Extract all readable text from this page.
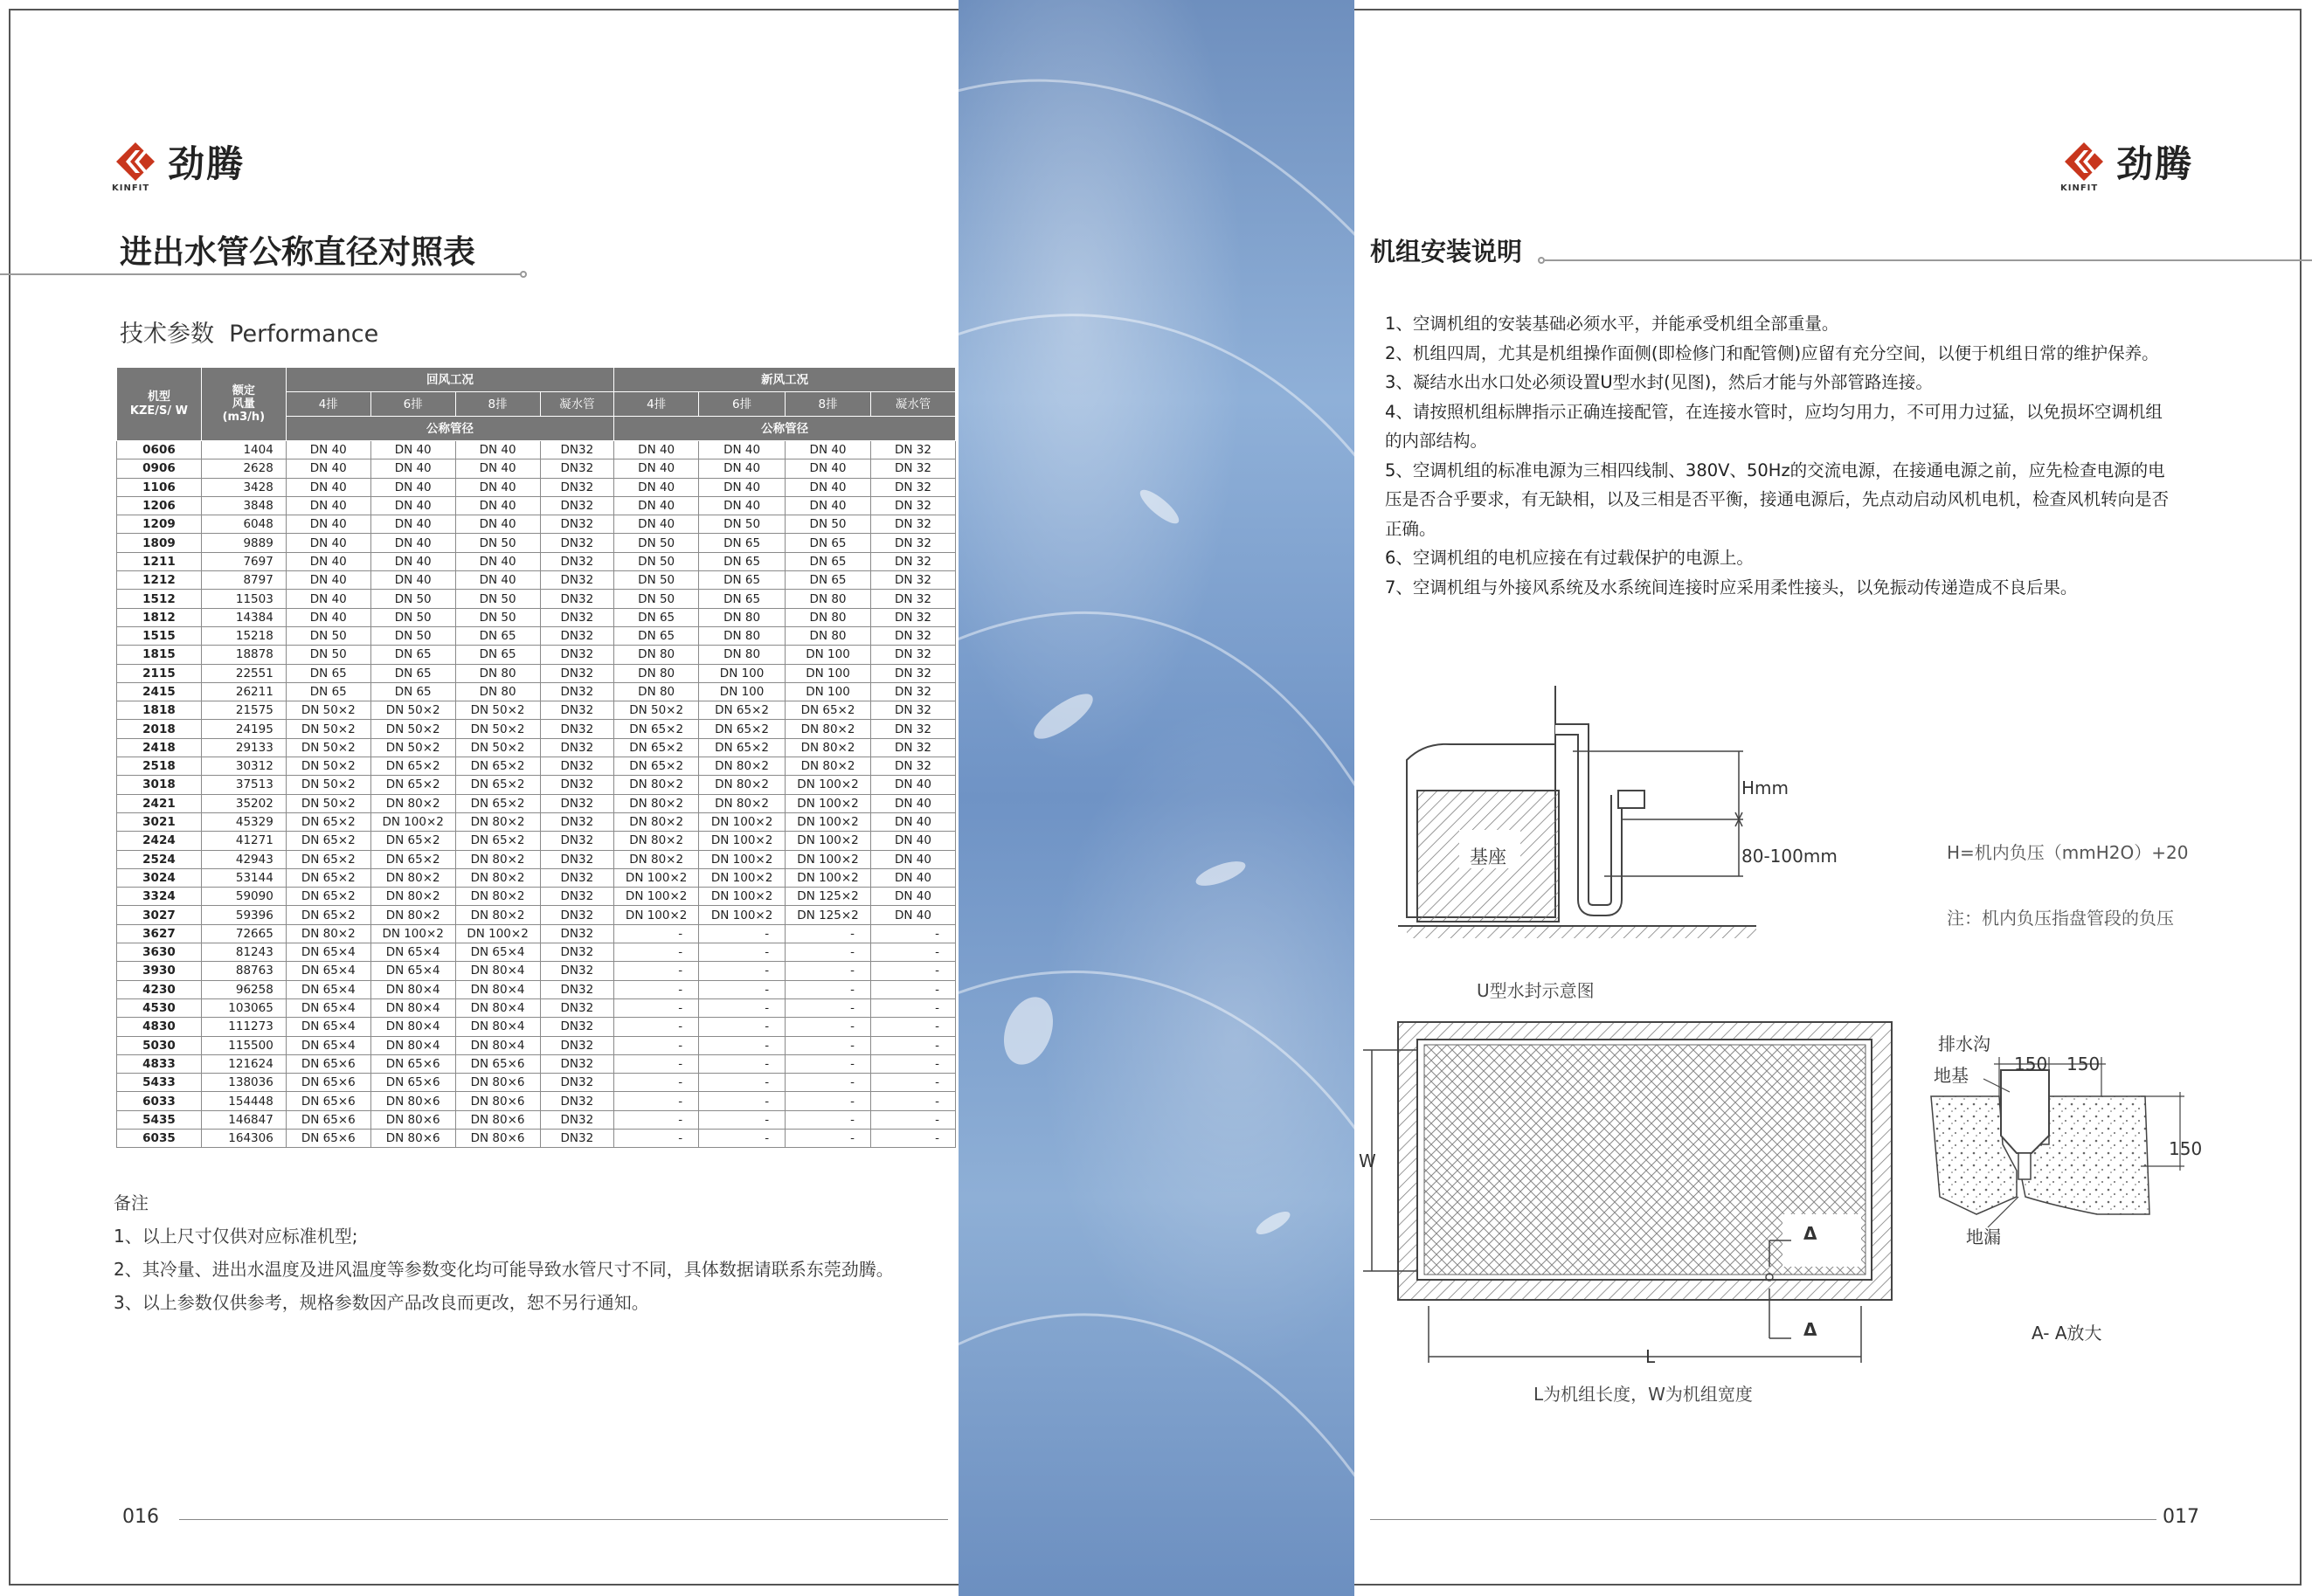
KINFIT
劲腾
进出水管公称直径对照表
技术参数  Performance
机型
KZE/S/ W	额定
风量
(m3/h)	回风工况				新风工况			
		4排	6排	8排	凝水管	4排	6排	8排	凝水管
		公称管径				公称管径			
0606	1404	DN 40	DN 40	DN 40	DN32	DN 40	DN 40	DN 40	DN 32
0906	2628	DN 40	DN 40	DN 40	DN32	DN 40	DN 40	DN 40	DN 32
1106	3428	DN 40	DN 40	DN 40	DN32	DN 40	DN 40	DN 40	DN 32
1206	3848	DN 40	DN 40	DN 40	DN32	DN 40	DN 40	DN 40	DN 32
1209	6048	DN 40	DN 40	DN 40	DN32	DN 40	DN 50	DN 50	DN 32
1809	9889	DN 40	DN 40	DN 50	DN32	DN 50	DN 65	DN 65	DN 32
1211	7697	DN 40	DN 40	DN 40	DN32	DN 50	DN 65	DN 65	DN 32
1212	8797	DN 40	DN 40	DN 40	DN32	DN 50	DN 65	DN 65	DN 32
1512	11503	DN 40	DN 50	DN 50	DN32	DN 50	DN 65	DN 80	DN 32
1812	14384	DN 40	DN 50	DN 50	DN32	DN 65	DN 80	DN 80	DN 32
1515	15218	DN 50	DN 50	DN 65	DN32	DN 65	DN 80	DN 80	DN 32
1815	18878	DN 50	DN 65	DN 65	DN32	DN 80	DN 80	DN 100	DN 32
2115	22551	DN 65	DN 65	DN 80	DN32	DN 80	DN 100	DN 100	DN 32
2415	26211	DN 65	DN 65	DN 80	DN32	DN 80	DN 100	DN 100	DN 32
1818	21575	DN 50×2	DN 50×2	DN 50×2	DN32	DN 50×2	DN 65×2	DN 65×2	DN 32
2018	24195	DN 50×2	DN 50×2	DN 50×2	DN32	DN 65×2	DN 65×2	DN 80×2	DN 32
2418	29133	DN 50×2	DN 50×2	DN 50×2	DN32	DN 65×2	DN 65×2	DN 80×2	DN 32
2518	30312	DN 50×2	DN 65×2	DN 65×2	DN32	DN 65×2	DN 80×2	DN 80×2	DN 32
3018	37513	DN 50×2	DN 65×2	DN 65×2	DN32	DN 80×2	DN 80×2	DN 100×2	DN 40
2421	35202	DN 50×2	DN 80×2	DN 65×2	DN32	DN 80×2	DN 80×2	DN 100×2	DN 40
3021	45329	DN 65×2	DN 100×2	DN 80×2	DN32	DN 80×2	DN 100×2	DN 100×2	DN 40
2424	41271	DN 65×2	DN 65×2	DN 65×2	DN32	DN 80×2	DN 100×2	DN 100×2	DN 40
2524	42943	DN 65×2	DN 65×2	DN 80×2	DN32	DN 80×2	DN 100×2	DN 100×2	DN 40
3024	53144	DN 65×2	DN 80×2	DN 80×2	DN32	DN 100×2	DN 100×2	DN 100×2	DN 40
3324	59090	DN 65×2	DN 80×2	DN 80×2	DN32	DN 100×2	DN 100×2	DN 125×2	DN 40
3027	59396	DN 65×2	DN 80×2	DN 80×2	DN32	DN 100×2	DN 100×2	DN 125×2	DN 40
3627	72665	DN 80×2	DN 100×2	DN 100×2	DN32	-	-	-	-
3630	81243	DN 65×4	DN 65×4	DN 65×4	DN32	-	-	-	-
3930	88763	DN 65×4	DN 65×4	DN 80×4	DN32	-	-	-	-
4230	96258	DN 65×4	DN 80×4	DN 80×4	DN32	-	-	-	-
4530	103065	DN 65×4	DN 80×4	DN 80×4	DN32	-	-	-	-
4830	111273	DN 65×4	DN 80×4	DN 80×4	DN32	-	-	-	-
5030	115500	DN 65×4	DN 80×4	DN 80×4	DN32	-	-	-	-
4833	121624	DN 65×6	DN 65×6	DN 65×6	DN32	-	-	-	-
5433	138036	DN 65×6	DN 65×6	DN 80×6	DN32	-	-	-	-
6033	154448	DN 65×6	DN 80×6	DN 80×6	DN32	-	-	-	-
5435	146847	DN 65×6	DN 80×6	DN 80×6	DN32	-	-	-	-
6035	164306	DN 65×6	DN 80×6	DN 80×6	DN32	-	-	-	-

备注

1、以上尺寸仅供对应标准机型;

2、其冷量、进出水温度及进风温度等参数变化均可能导致水管尺寸不同，具体数据请联系东莞劲腾。

3、以上参数仅供参考，规格参数因产品改良而更改，恕不另行通知。

016
KINFIT
劲腾
机组安装说明

1、空调机组的安装基础必须水平，并能承受机组全部重量。

2、机组四周，尤其是机组操作面侧(即检修门和配管侧)应留有充分空间，以便于机组日常的维护保养。

3、凝结水出水口处必须设置U型水封(见图)，然后才能与外部管路连接。

4、请按照机组标牌指示正确连接配管，在连接水管时，应均匀用力，不可用力过猛，以免损坏空调机组

的内部结构。

5、空调机组的标准电源为三相四线制、380V、50Hz的交流电源，在接通电源之前，应先检查电源的电

压是否合乎要求，有无缺相，以及三相是否平衡，接通电源后，先点动启动风机电机，检查风机转向是否

正确。

6、空调机组的电机应接在有过载保护的电源上。

7、空调机组与外接风系统及水系统间连接时应采用柔性接头，以免振动传递造成不良后果。

基座
Hmm
80-100mm	H=机内负压（mmH2O）+20
注：机内负压指盘管段的负压
U型水封示意图
W
L
Δ
Δ
L为机组长度，W为机组宽度
排水沟
地基
150 150
150
地漏
A- A放大
017
